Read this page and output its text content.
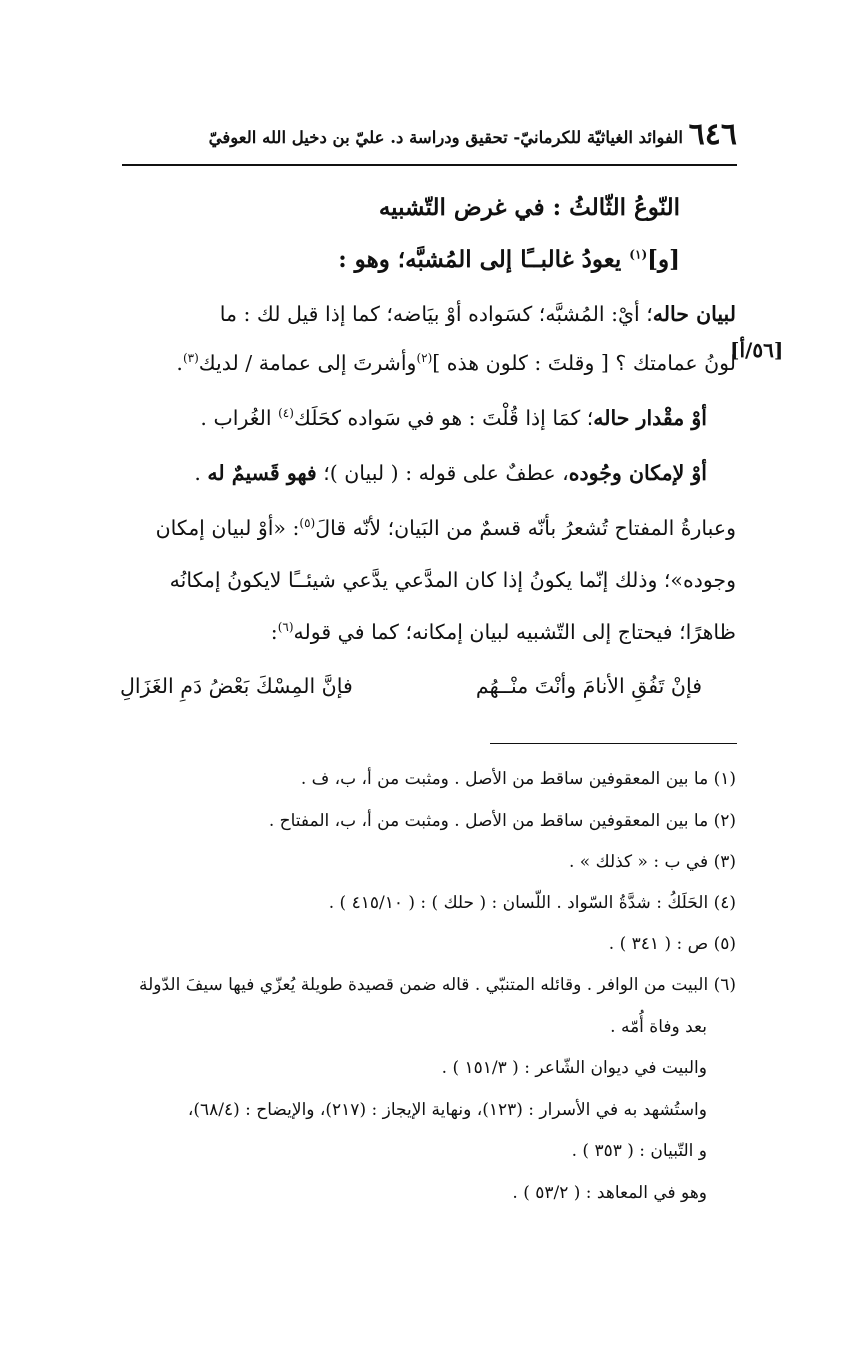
٦٤٦
الفوائد الغياثيّة للكرمانيّ- تحقيق ودراسة د. عليّ بن دخيل الله العوفيّ
النّوعُ الثّالثُ : في غرض التّشبيه
[و]$^{(١)}$ يعودُ غالبــًا إلى المُشبَّه؛ وهو :
لبيان حاله؛ أيْ: المُشبَّه؛ كسَواده أوْ بيَاضه؛ كما إذا قيل لك : ما
لونُ عمامتك ؟ [ وقلتَ : كلون هذه ]$^{(٢)}$وأشرتَ إلى عمامة / لديك$^{(٣)}$.
[٥٦/أ]
أوْ مقْدار حاله؛ كمَا إذا قُلْتَ : هو في سَواده كحَلَك$^{(٤)}$ الغُراب .
أوْ لإمكان وجُوده، عطفٌ على قوله : ( لبيان )؛ فهو قَسيمٌ له .
وعبارةُ المفتاح تُشعرُ بأنّه قسمٌ من البَيان؛ لأنّه قالَ$^{(٥)}$: «أوْ لبيان إمكان
وجوده»؛ وذلك إنّما يكونُ إذا كان المدَّعي يدَّعي شيئــًا لايكونُ إمكانُه
ظاهرًا؛ فيحتاج إلى التّشبيه لبيان إمكانه؛ كما في قوله$^{(٦)}$:
فإنْ تَفُقِ الأنامَ وأنْتَ منْــهُم
فإنَّ المِسْكَ بَعْضُ دَمِ الغَزَالِ
(١) ما بين المعقوفين ساقط من الأصل . ومثبت من أ، ب، ف .
(٢) ما بين المعقوفين ساقط من الأصل . ومثبت من أ، ب، المفتاح .
(٣) في ب : « كذلك » .
(٤) الحَلَكُ : شدَّةُ السّواد . اللّسان : ( حلك ) : ( ٤١٥/١٠ ) .
(٥) ص : ( ٣٤١ ) .
(٦) البيت من الوافر . وقائله المتنبّي . قاله ضمن قصيدة طويلة يُعزّي فيها سيفَ الدّولة
بعد وفاة أُمّه .
والبيت في ديوان الشّاعر : ( ١٥١/٣ ) .
واستُشهد به في الأسرار : (١٢٣)، ونهاية الإيجاز : (٢١٧)، والإيضاح : (٦٨/٤)،
و التّبيان : ( ٣٥٣ ) .
وهو في المعاهد : ( ٥٣/٢ ) .
